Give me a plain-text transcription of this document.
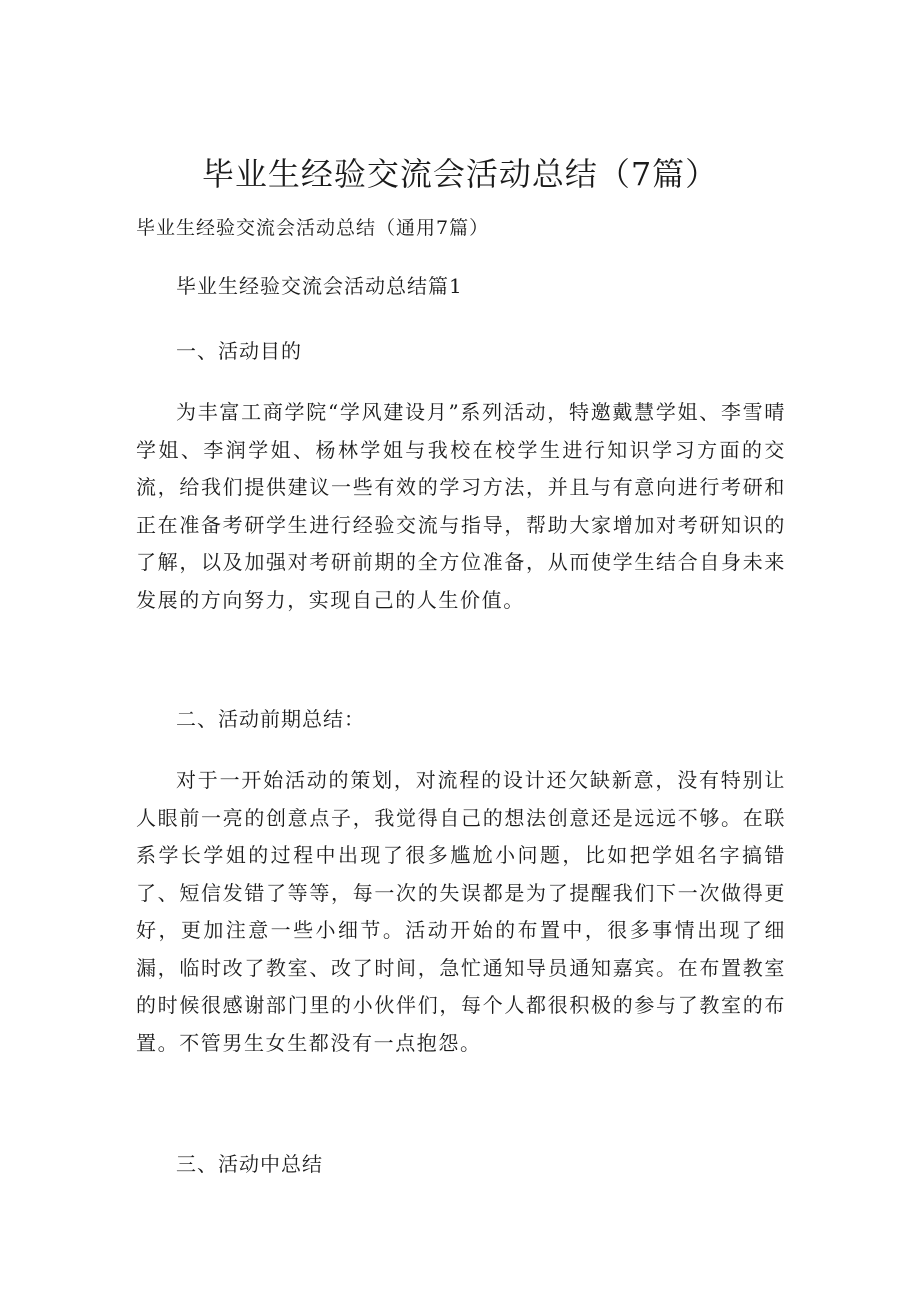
毕业生经验交流会活动总结（7篇）
毕业生经验交流会活动总结（通用7篇）
毕业生经验交流会活动总结篇1
一、活动目的

为丰富工商学院“学风建设月”系列活动，特邀戴慧学姐、李雪晴学姐、李润学姐、杨林学姐与我校在校学生进行知识学习方面的交流，给我们提供建议一些有效的学习方法，并且与有意向进行考研和正在准备考研学生进行经验交流与指导，帮助大家增加对考研知识的了解，以及加强对考研前期的全方位准备，从而使学生结合自身未来发展的方向努力，实现自己的人生价值。

二、活动前期总结：

对于一开始活动的策划，对流程的设计还欠缺新意，没有特别让人眼前一亮的创意点子，我觉得自己的想法创意还是远远不够。在联系学长学姐的过程中出现了很多尴尬小问题，比如把学姐名字搞错了、短信发错了等等，每一次的失误都是为了提醒我们下一次做得更好，更加注意一些小细节。活动开始的布置中，很多事情出现了细漏，临时改了教室、改了时间，急忙通知导员通知嘉宾。在布置教室的时候很感谢部门里的小伙伴们，每个人都很积极的参与了教室的布置。不管男生女生都没有一点抱怨。

三、活动中总结
